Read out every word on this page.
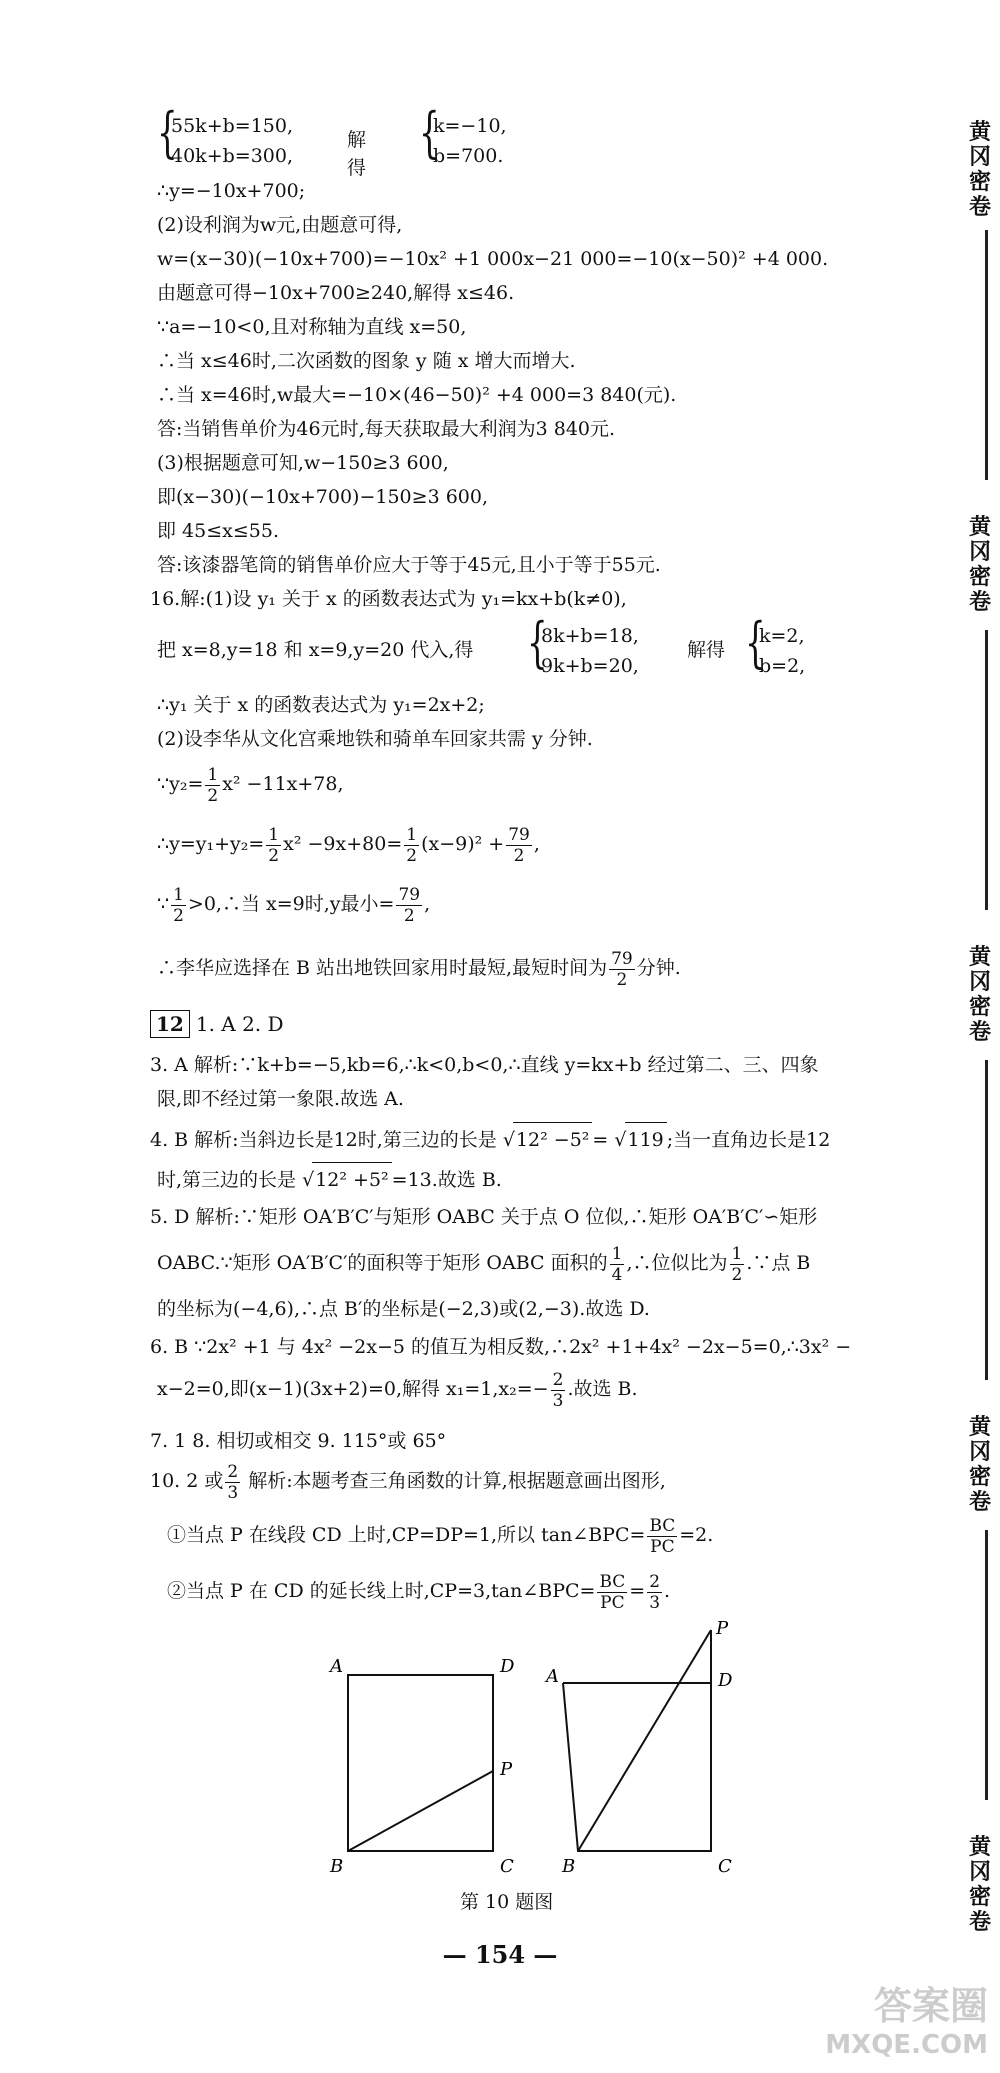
{
55k+b=150,
40k+b=300,
解得
{
k=−10,
b=700.
∴y=−10x+700;
(2)设利润为w元,由题意可得,
w=(x−30)(−10x+700)=−10x² +1 000x−21 000=−10(x−50)² +4 000.
由题意可得−10x+700≥240,解得 x≤46.
∵a=−10<0,且对称轴为直线 x=50,
∴当 x≤46时,二次函数的图象 y 随 x 增大而增大.
∴当 x=46时,w最大=−10×(46−50)² +4 000=3 840(元).
答:当销售单价为46元时,每天获取最大利润为3 840元.
(3)根据题意可知,w−150≥3 600,
即(x−30)(−10x+700)−150≥3 600,
即 45≤x≤55.
答:该漆器笔筒的销售单价应大于等于45元,且小于等于55元.
16.解:(1)设 y₁ 关于 x 的函数表达式为 y₁=kx+b(k≠0),
把 x=8,y=18 和 x=9,y=20 代入,得 {
8k+b=18,
9k+b=20,
解得 {
k=2,
b=2,
∴y₁ 关于 x 的函数表达式为 y₁=2x+2;
(2)设李华从文化宫乘地铁和骑单车回家共需 y 分钟.
∵y₂= $\frac{1}{2} x^2 -11x+78$,
∴y=y₁+y₂= $\frac{1}{2} x^2 -9x+80= \frac{1}{2} (x-9)^2 + \frac{79}{2}$ ,
∵ $\frac{1}{2}$ >0,∴当 x=9时,y最小= $\frac{79}{2}$ ,
∴李华应选择在 B 站出地铁回家用时最短,最短时间为 $\frac{79}{2}$ 分钟.
12 1. A 2. D
3. A 解析:∵k+b=−5,kb=6,∴k<0,b<0,∴直线 y=kx+b 经过第二、三、四象
限,即不经过第一象限.故选 A.
4. B 解析:当斜边长是12时,第三边的长是 √12² −5² = √119 ;当一直角边长是12
时,第三边的长是 √12² +5² =13.故选 B.
5. D 解析:∵矩形 OA′B′C′与矩形 OABC 关于点 O 位似,∴矩形 OA′B′C′∽矩形
OABC.∵矩形 OA′B′C′的面积等于矩形 OABC 面积的 $\frac{1}{4}$ ,∴位似比为 $\frac{1}{2}$ .∵点 B
的坐标为(−4,6),∴点 B′的坐标是(−2,3)或(2,−3).故选 D.
6. B ∵2x² +1 与 4x² −2x−5 的值互为相反数,∴2x² +1+4x² −2x−5=0,∴3x² −
x−2=0,即(x−1)(3x+2)=0,解得 $x_1=1,x_2=- \frac{2}{3}$ .故选 B.
7. 1 8. 相切或相交 9. 115°或 65°
10. 2 或 $\frac{2}{3}$ 解析:本题考查三角函数的计算,根据题意画出图形,
①当点 P 在线段 CD 上时,CP=DP=1,所以 tan∠BPC= $\frac{BC}{PC} =2$.
②当点 P 在 CD 的延长线上时,CP=3,tan∠BPC= $\frac{BC}{PC} = \frac{2}{3}$ .
A	D
P
B	C
A	D
P
B	C
第 10 题图
— 154 —
黄冈密卷
黄冈密卷
黄冈密卷
黄冈密卷
黄冈密卷
答案圈
MXQE.COM
